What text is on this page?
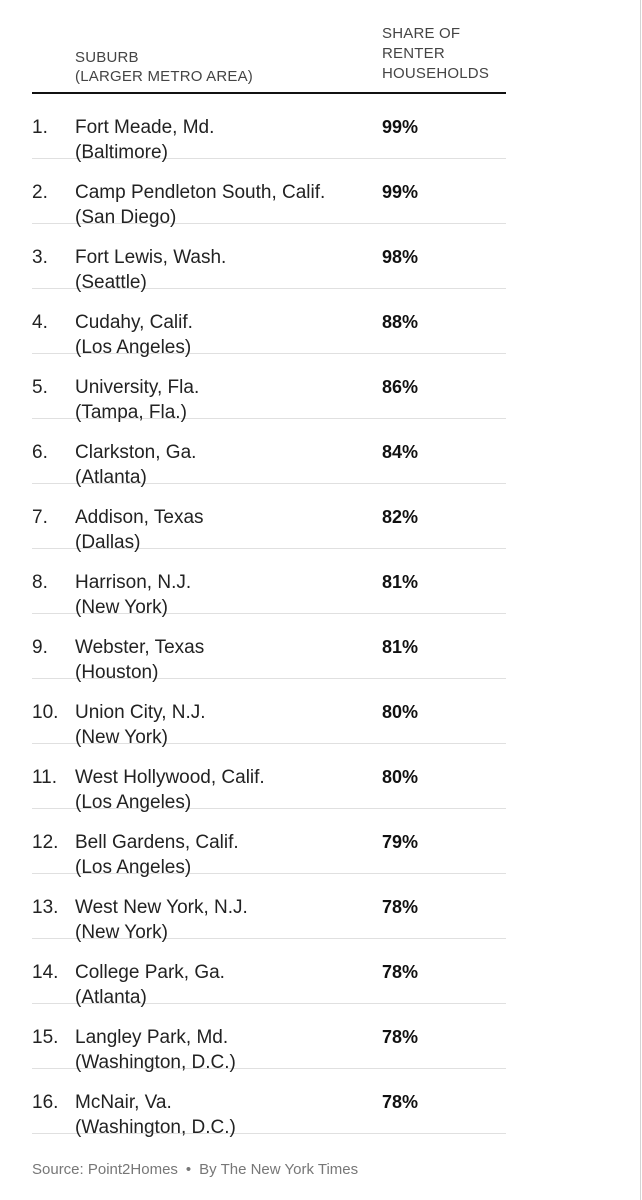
SUBURB
(LARGER METRO AREA)
SHARE OF
RENTER
HOUSEHOLDS
1. Fort Meade, Md.
(Baltimore)
99%
2. Camp Pendleton South, Calif.
(San Diego)
99%
3. Fort Lewis, Wash.
(Seattle)
98%
4. Cudahy, Calif.
(Los Angeles)
88%
5. University, Fla.
(Tampa, Fla.)
86%
6. Clarkston, Ga.
(Atlanta)
84%
7. Addison, Texas
(Dallas)
82%
8. Harrison, N.J.
(New York)
81%
9. Webster, Texas
(Houston)
81%
10. Union City, N.J.
(New York)
80%
11. West Hollywood, Calif.
(Los Angeles)
80%
12. Bell Gardens, Calif.
(Los Angeles)
79%
13. West New York, N.J.
(New York)
78%
14. College Park, Ga.
(Atlanta)
78%
15. Langley Park, Md.
(Washington, D.C.)
78%
16. McNair, Va.
(Washington, D.C.)
78%
Source: Point2Homes • By The New York Times
